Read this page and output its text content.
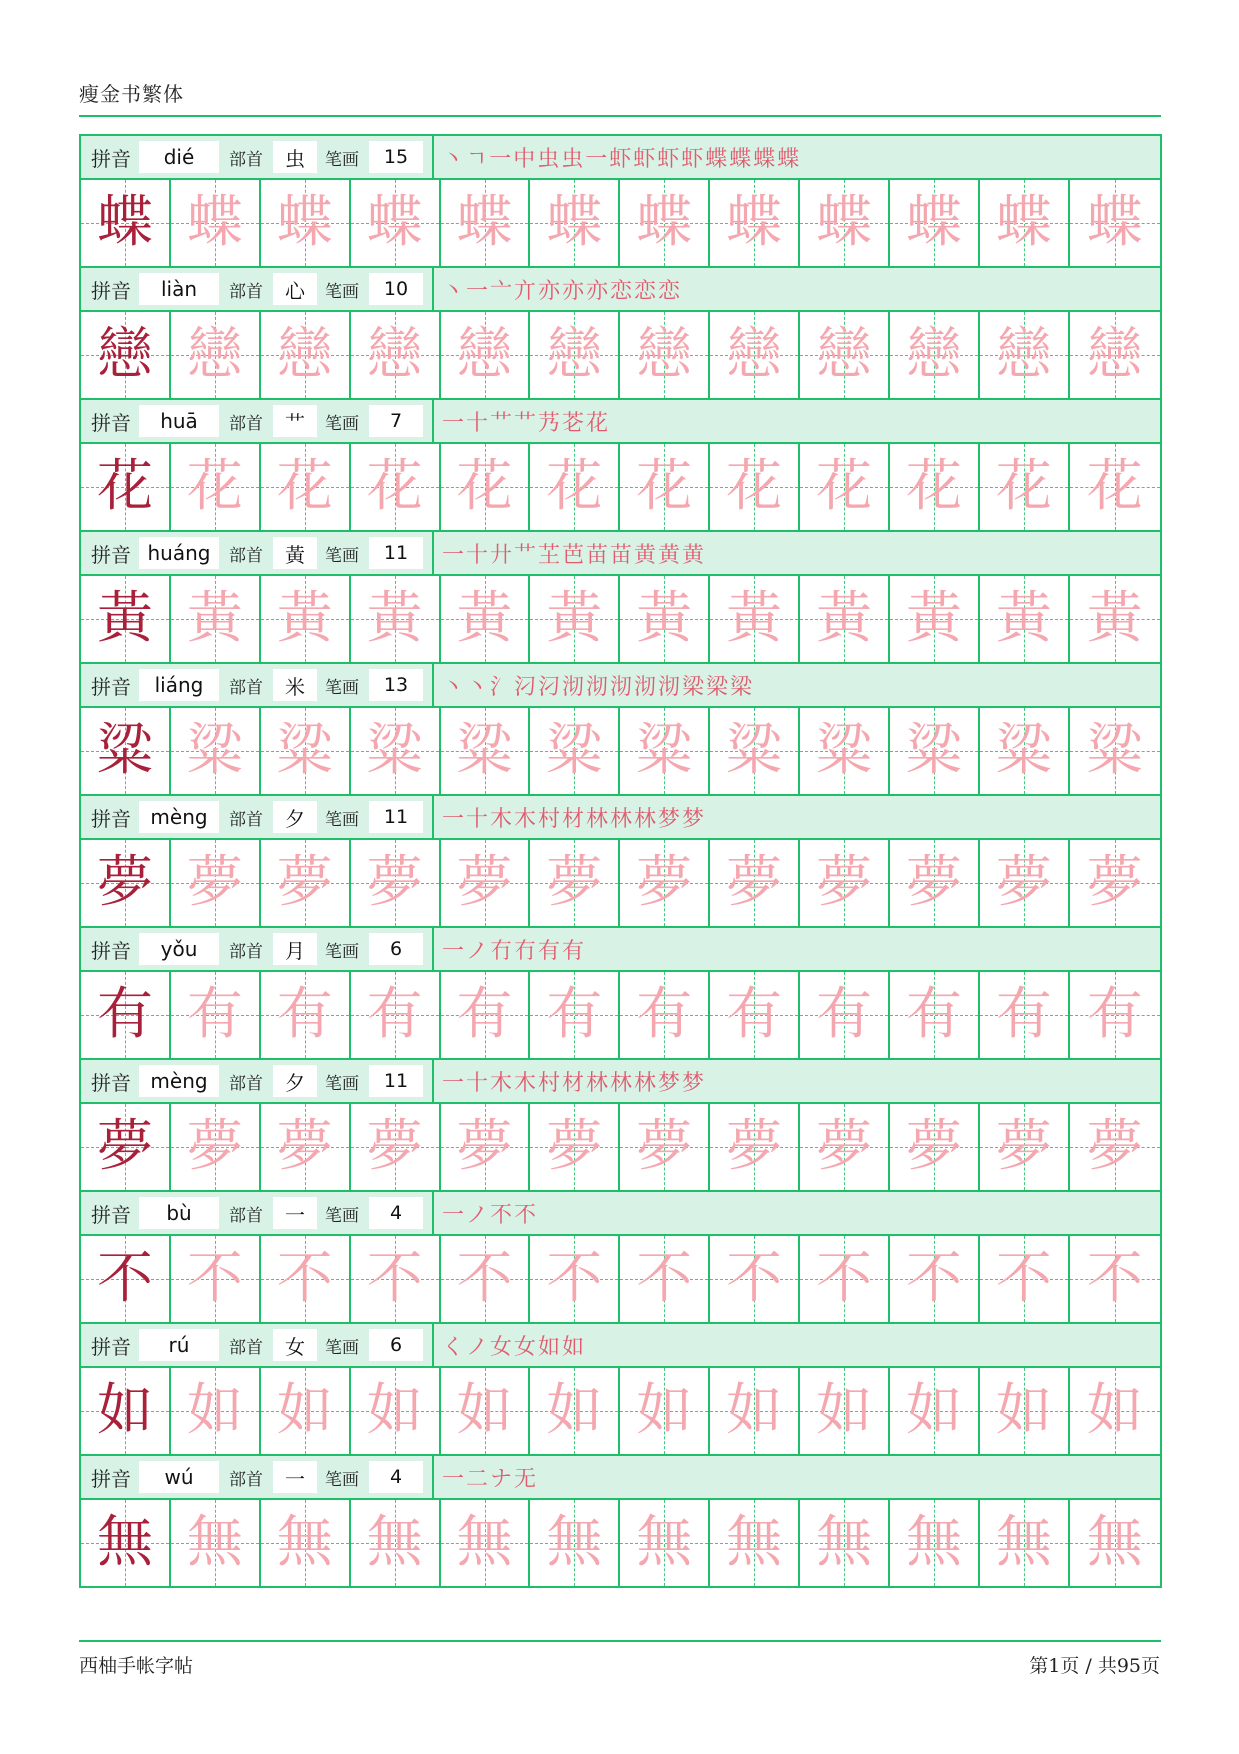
瘦金书繁体
拼音	dié	部首	虫	笔画	15	丶ㄱ一中虫虫一虾虾虾虾蝶蝶蝶蝶
蝶 蝶 蝶 蝶 蝶 蝶 蝶 蝶 蝶 蝶 蝶 蝶
拼音	liàn	部首	心	笔画	10	丶一亠亣亦亦亦恋恋恋
戀 戀 戀 戀 戀 戀 戀 戀 戀 戀 戀 戀
拼音	huā	部首	艹	笔画	7	一十艹艹艿芲花
花 花 花 花 花 花 花 花 花 花 花 花
拼音 huáng	部首	黃	笔画	11	一十廾艹芏芭苗苗黄黄黄
黃 黃 黃 黃 黃 黃 黃 黃 黃 黃 黃 黃
拼音	liáng	部首	米	笔画	13	丶丶氵汈汈沏沏沏沏沏梁梁梁
粱 粱 粱 粱 粱 粱 粱 粱 粱 粱 粱 粱
拼音 mèng	部首	夕	笔画	11	一十木木村材林林林梦梦
夢 夢 夢 夢 夢 夢 夢 夢 夢 夢 夢 夢
拼音	yǒu	部首	月	笔画	6	一ノ冇冇有有
有 有 有 有 有 有 有 有 有 有 有 有
拼音 mèng	部首	夕	笔画	11	一十木木村材林林林梦梦
夢 夢 夢 夢 夢 夢 夢 夢 夢 夢 夢 夢
拼音	bù	部首	一	笔画	4	一ノ不不
不 不 不 不 不 不 不 不 不 不 不 不
拼音	rú	部首	女	笔画	6	くノ女女如如
如 如 如 如 如 如 如 如 如 如 如 如
拼音	wú	部首	一	笔画	4	一二ナ无
無 無 無 無 無 無 無 無 無 無 無 無
西柚手帐字帖	第1页 / 共95页
